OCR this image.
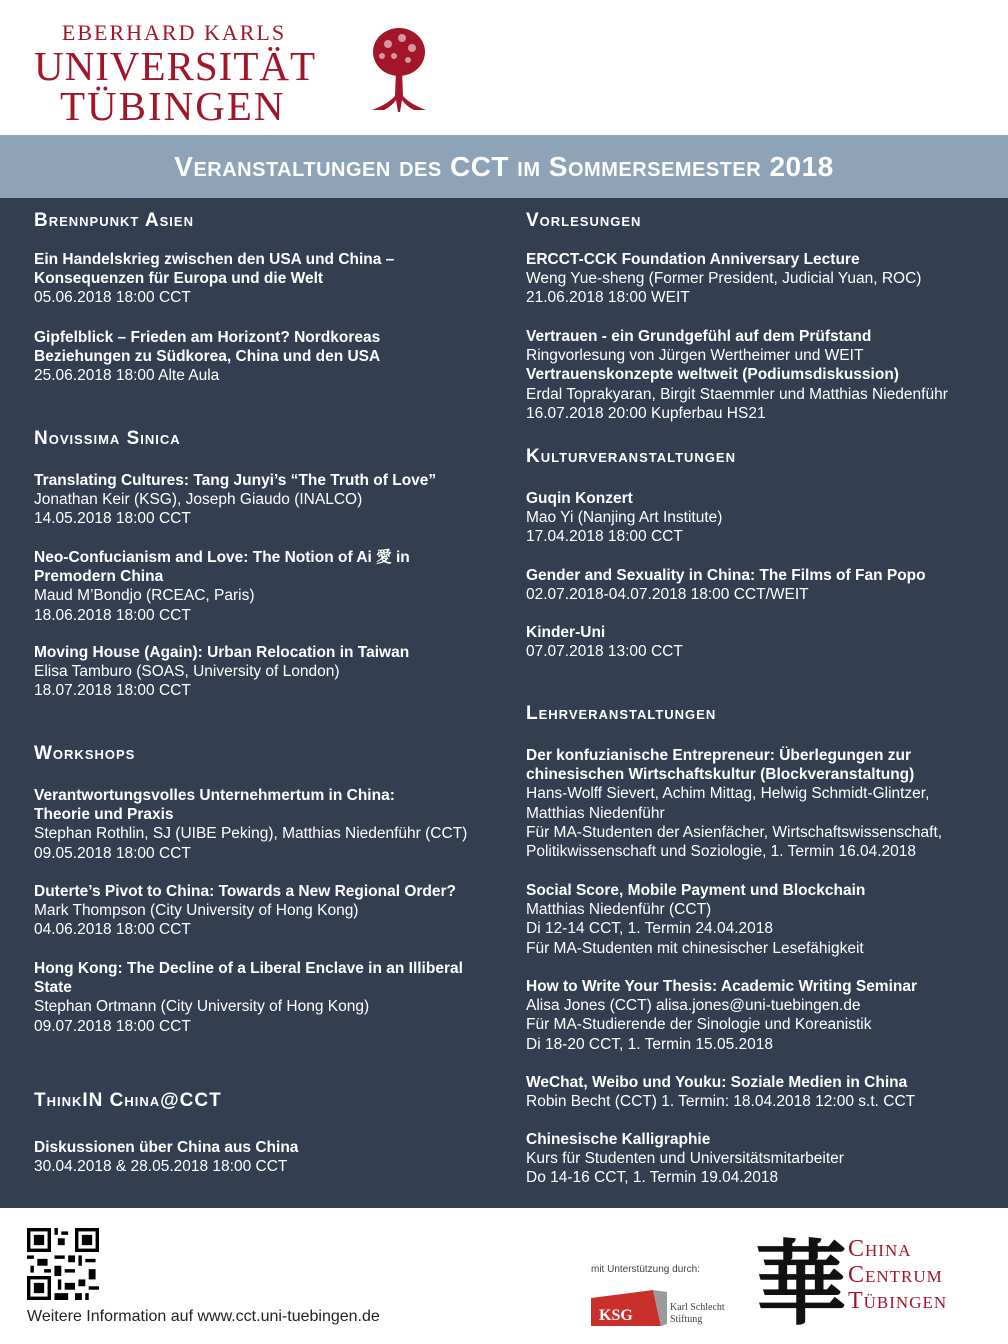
EBERHARD KARLS
UNIVERSITÄT
TÜBINGEN
Veranstaltungen des CCT im Sommersemester 2018
Brennpunkt Asien
Ein Handelskrieg zwischen den USA und China –
Konsequenzen für Europa und die Welt
05.06.2018 18:00 CCT
Gipfelblick – Frieden am Horizont? Nordkoreas
Beziehungen zu Südkorea, China und den USA
25.06.2018 18:00 Alte Aula
Novissima Sinica
Translating Cultures: Tang Junyi’s “The Truth of Love”
Jonathan Keir (KSG), Joseph Giaudo (INALCO)
14.05.2018 18:00 CCT
Neo-Confucianism and Love: The Notion of Ai 愛 in
Premodern China
Maud M’Bondjo (RCEAC, Paris)
18.06.2018 18:00 CCT
Moving House (Again): Urban Relocation in Taiwan
Elisa Tamburo (SOAS, University of London)
18.07.2018 18:00 CCT
Workshops
Verantwortungsvolles Unternehmertum in China:
Theorie und Praxis
Stephan Rothlin, SJ (UIBE Peking), Matthias Niedenführ (CCT)
09.05.2018 18:00 CCT
Duterte’s Pivot to China: Towards a New Regional Order?
Mark Thompson (City University of Hong Kong)
04.06.2018 18:00 CCT
Hong Kong: The Decline of a Liberal Enclave in an Illiberal
State
Stephan Ortmann (City University of Hong Kong)
09.07.2018 18:00 CCT
ThinkIN China@CCT
Diskussionen über China aus China
30.04.2018 & 28.05.2018 18:00 CCT
Vorlesungen
ERCCT-CCK Foundation Anniversary Lecture
Weng Yue-sheng (Former President, Judicial Yuan, ROC)
21.06.2018 18:00 WEIT
Vertrauen - ein Grundgefühl auf dem Prüfstand
Ringvorlesung von Jürgen Wertheimer und WEIT
Vertrauenskonzepte weltweit (Podiumsdiskussion)
Erdal Toprakyaran, Birgit Staemmler und Matthias Niedenführ
16.07.2018 20:00 Kupferbau HS21
Kulturveranstaltungen
Guqin Konzert
Mao Yi (Nanjing Art Institute)
17.04.2018 18:00 CCT
Gender and Sexuality in China: The Films of Fan Popo
02.07.2018-04.07.2018 18:00 CCT/WEIT
Kinder-Uni
07.07.2018 13:00 CCT
Lehrveranstaltungen
Der konfuzianische Entrepreneur: Überlegungen zur
chinesischen Wirtschaftskultur (Blockveranstaltung)
Hans-Wolff Sievert, Achim Mittag, Helwig Schmidt-Glintzer,
Matthias Niedenführ
Für MA-Studenten der Asienfächer, Wirtschaftswissenschaft,
Politikwissenschaft und Soziologie, 1. Termin 16.04.2018
Social Score, Mobile Payment und Blockchain
Matthias Niedenführ (CCT)
Di 12-14 CCT, 1. Termin 24.04.2018
Für MA-Studenten mit chinesischer Lesefähigkeit
How to Write Your Thesis: Academic Writing Seminar
Alisa Jones (CCT) alisa.jones@uni-tuebingen.de
Für MA-Studierende der Sinologie und Koreanistik
Di 18-20 CCT, 1. Termin 15.05.2018
WeChat, Weibo und Youku: Soziale Medien in China
Robin Becht (CCT) 1. Termin: 18.04.2018 12:00 s.t. CCT
Chinesische Kalligraphie
Kurs für Studenten und Universitätsmitarbeiter
Do 14-16 CCT, 1. Termin 19.04.2018
Weitere Information auf www.cct.uni-tuebingen.de
mit Unterstützung durch:
KSG	Karl Schlecht
Stiftung 華 China
Centrum
Tübingen
